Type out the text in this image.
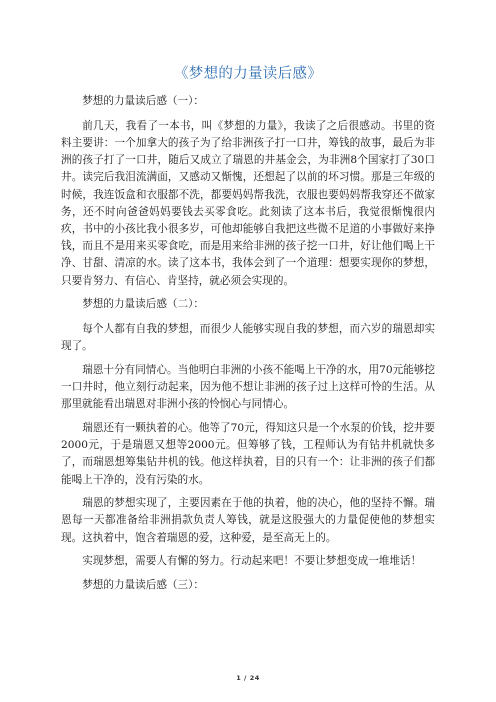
《梦想的力量读后感》

梦想的力量读后感（一）：

前几天，我看了一本书，叫《梦想的力量》，我读了之后很感动。书里的资料主要讲：一个加拿大的孩子为了给非洲孩子打一口井，筹钱的故事，最后为非洲的孩子打了一口井，随后又成立了瑞恩的井基金会，为非洲8个国家打了30口井。读完后我泪流满面，又感动又惭愧，还想起了以前的坏习惯。那是三年级的时候，我连饭盒和衣服都不洗，都要妈妈帮我洗，衣服也要妈妈帮我穿还不做家务，还不时向爸爸妈妈要钱去买零食吃。此刻读了这本书后，我觉很惭愧很内疚，书中的小孩比我小很多岁，可他却能够自我把这些微不足道的小事做好来挣钱，而且不是用来买零食吃，而是用来给非洲的孩子挖一口井，好让他们喝上干净、甘甜、清凉的水。读了这本书，我体会到了一个道理：想要实现你的梦想，只要肯努力、有信心、肯坚持，就必须会实现的。

梦想的力量读后感（二）：

每个人都有自我的梦想，而很少人能够实现自我的梦想，而六岁的瑞恩却实现了。

瑞恩十分有同情心。当他明白非洲的小孩不能喝上干净的水，用70元能够挖一口井时，他立刻行动起来，因为他不想让非洲的孩子过上这样可怜的生活。从那里就能看出瑞恩对非洲小孩的怜悯心与同情心。

瑞恩还有一颗执着的心。他等了70元，得知这只是一个水泵的价钱，挖井要2000元，于是瑞恩又想等2000元。但筹够了钱，工程师认为有钻井机就快多了，而瑞恩想筹集钻井机的钱。他这样执着，目的只有一个：让非洲的孩子们都能喝上干净的，没有污染的水。

瑞恩的梦想实现了，主要因素在于他的执着，他的决心，他的坚持不懈。瑞恩每一天都准备给非洲捐款负责人筹钱，就是这股强大的力量促使他的梦想实现。这执着中，饱含着瑞恩的爱，这种爱，是至高无上的。

实现梦想，需要人有懈的努力。行动起来吧！不要让梦想变成一堆堆话！

梦想的力量读后感（三）：

1 / 24
